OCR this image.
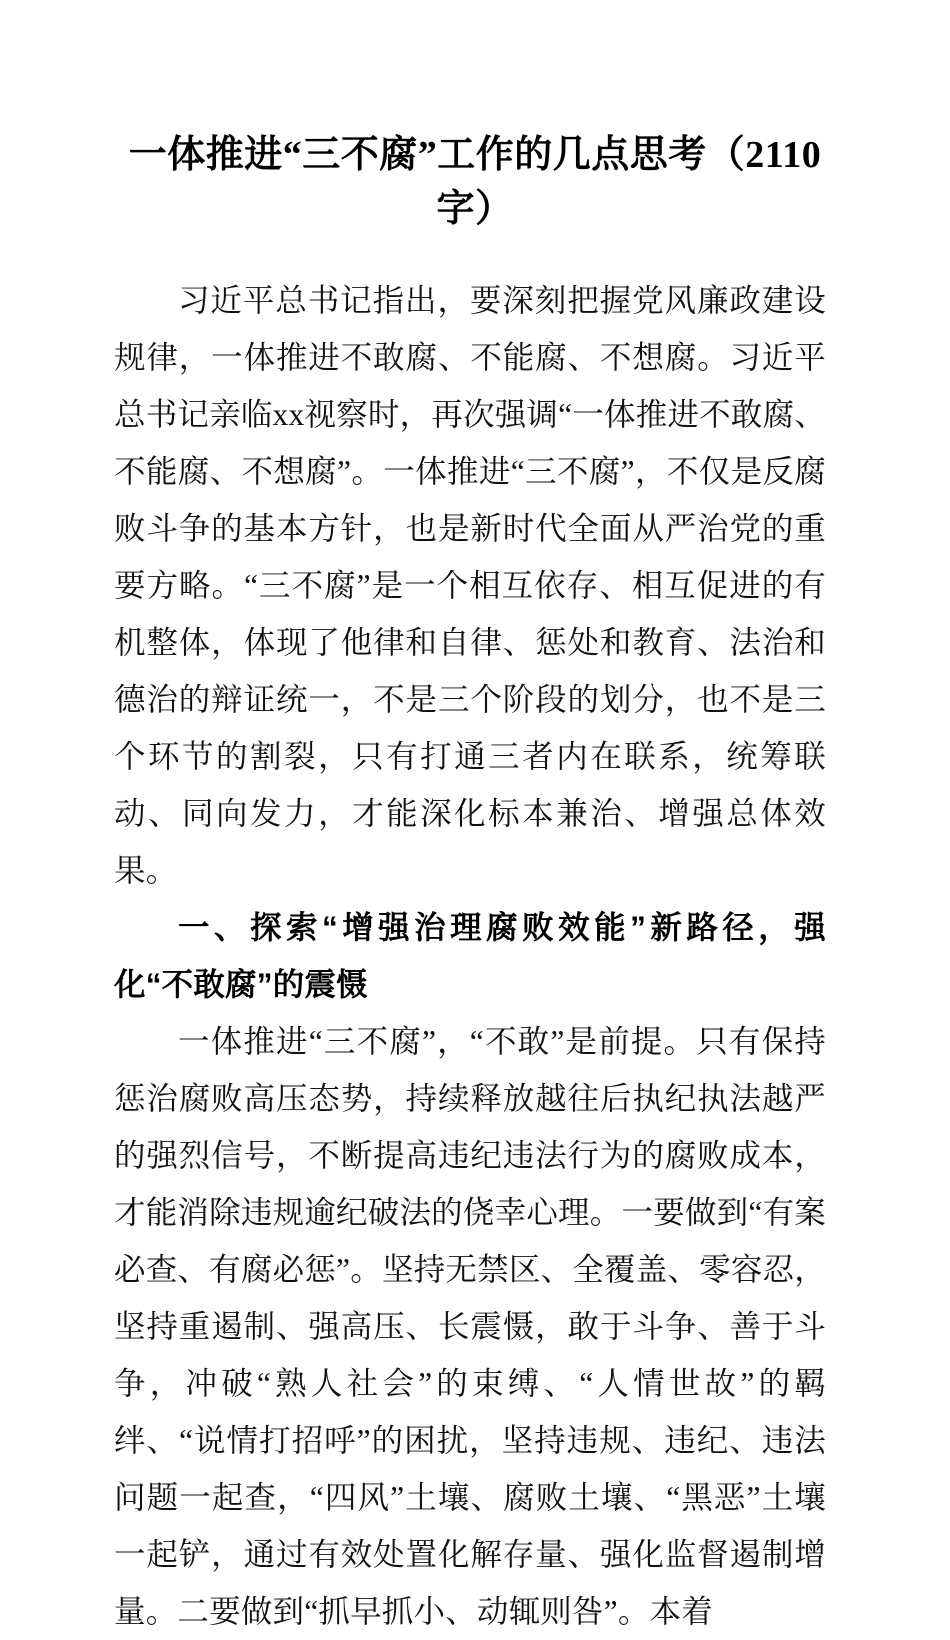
一体推进“三不腐”工作的几点思考（2110字）

习近平总书记指出，要深刻把握党风廉政建设规律，一体推进不敢腐、不能腐、不想腐。习近平总书记亲临xx视察时，再次强调“一体推进不敢腐、不能腐、不想腐”。一体推进“三不腐”，不仅是反腐败斗争的基本方针，也是新时代全面从严治党的重要方略。“三不腐”是一个相互依存、相互促进的有机整体，体现了他律和自律、惩处和教育、法治和德治的辩证统一，不是三个阶段的划分，也不是三个环节的割裂，只有打通三者内在联系，统筹联动、同向发力，才能深化标本兼治、增强总体效果。

一、探索“增强治理腐败效能”新路径，强化“不敢腐”的震慑

一体推进“三不腐”，“不敢”是前提。只有保持惩治腐败高压态势，持续释放越往后执纪执法越严的强烈信号，不断提高违纪违法行为的腐败成本，才能消除违规逾纪破法的侥幸心理。一要做到“有案必查、有腐必惩”。坚持无禁区、全覆盖、零容忍，坚持重遏制、强高压、长震慑，敢于斗争、善于斗争，冲破“熟人社会”的束缚、“人情世故”的羁绊、“说情打招呼”的困扰，坚持违规、违纪、违法问题一起查，“四风”土壤、腐败土壤、“黑恶”土壤一起铲，通过有效处置化解存量、强化监督遏制增量。二要做到“抓早抓小、动辄则咎”。本着
